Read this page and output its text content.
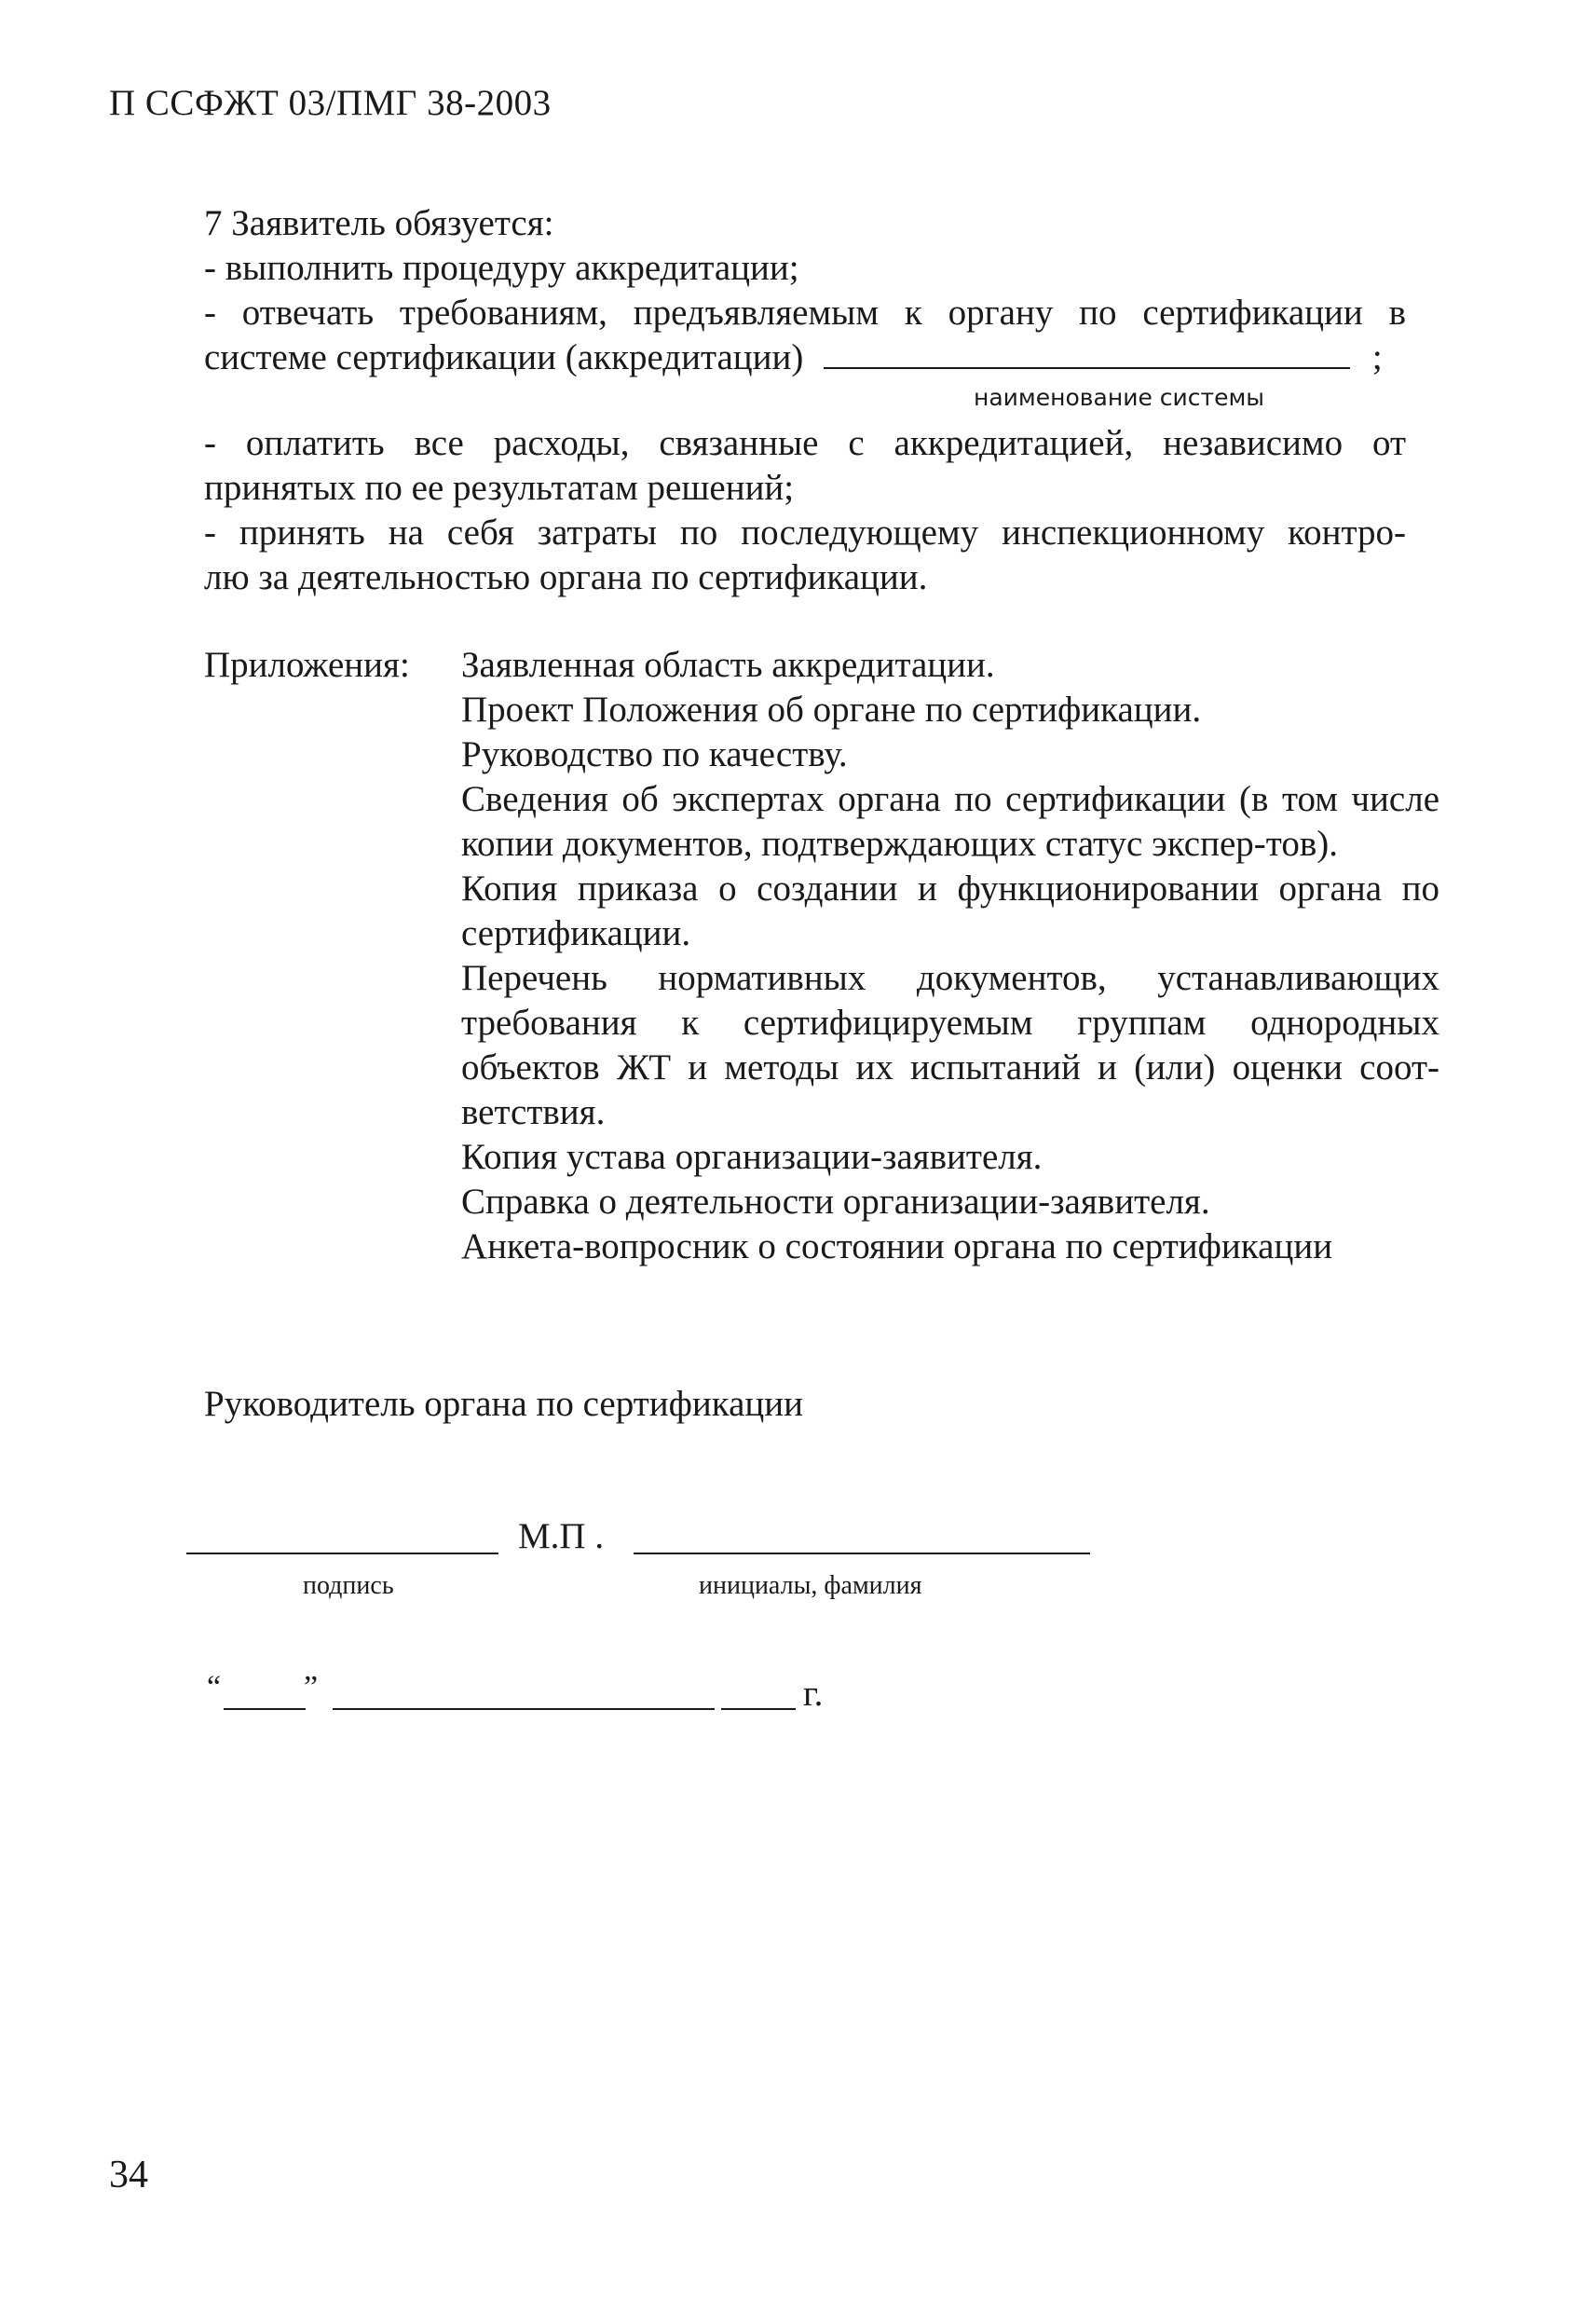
П ССФЖТ 03/ПМГ 38-2003
7 Заявитель обязуется:
- выполнить процедуру аккредитации;
- отвечать требованиям, предъявляемым к органу по сертификации в
системе сертификации (аккредитации)	;
- оплатить все расходы, связанные с аккредитацией, независимо от
принятых по ее результатам решений;
- принять на себя затраты по последующему инспекционному контро-
лю за деятельностью органа по сертификации.
наименование системы
Приложения: Заявленная область аккредитации.
Проект Положения об органе по сертификации.
Руководство по качеству.
Сведения об экспертах органа по сертификации (в том числе копии документов, подтверждающих статус экспер-тов).
Копия приказа о создании и функционировании органа по сертификации.
Перечень нормативных документов, устанавливающих требования к сертифицируемым группам однородных объектов ЖТ и методы их испытаний и (или) оценки соот-ветствия.
Копия устава организации-заявителя.
Справка о деятельности организации-заявителя.
Анкета-вопросник о состоянии органа по сертификации
Руководитель органа по сертификации
М.П .
подпись	инициалы, фамилия
“	”	г.
34
